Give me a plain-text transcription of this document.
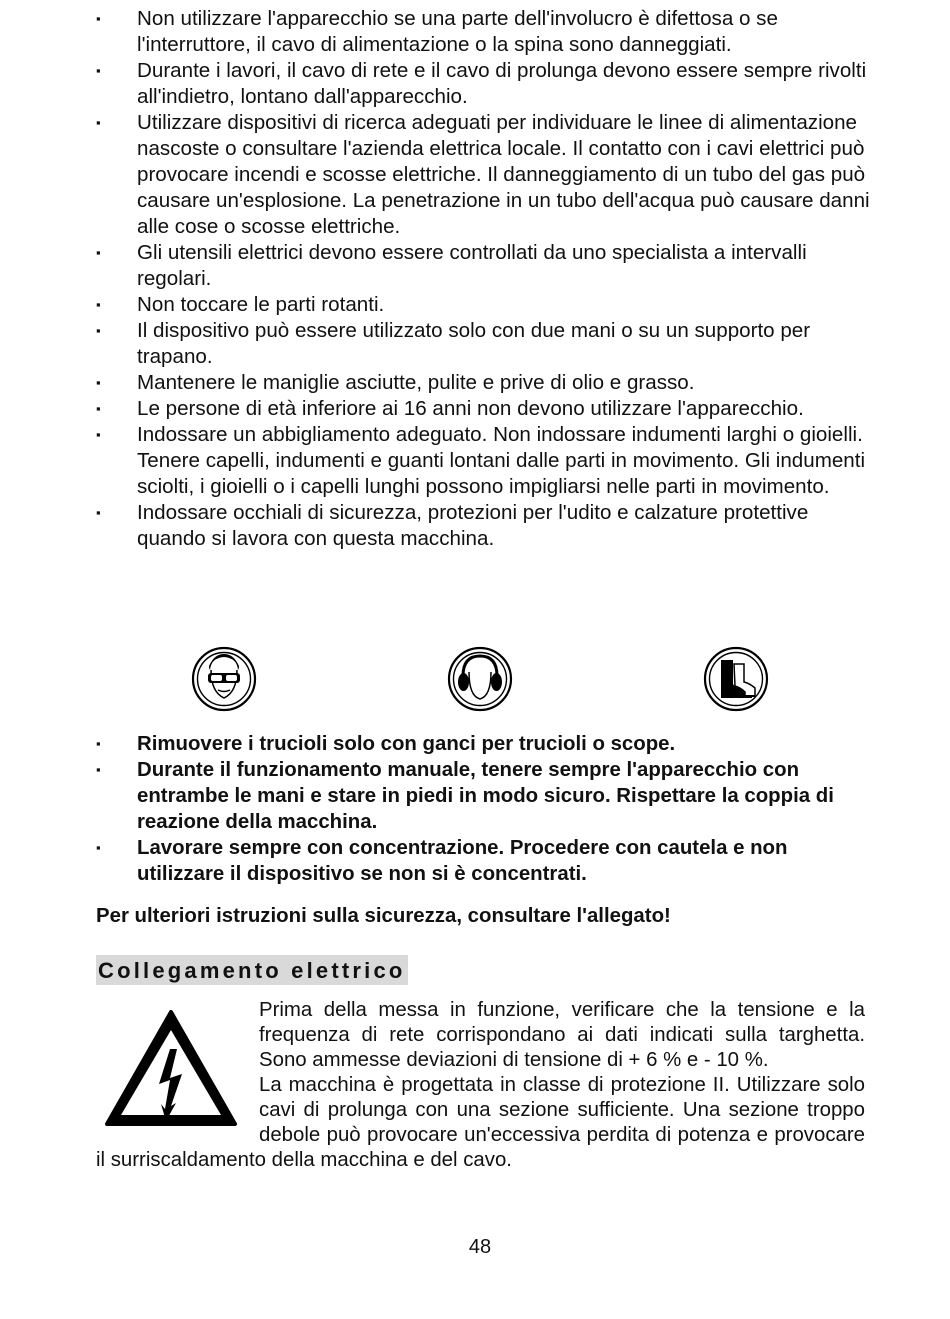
▪ Non utilizzare l'apparecchio se una parte dell'involucro è difettosa o se l'interruttore, il cavo di alimentazione o la spina sono danneggiati.
▪ Durante i lavori, il cavo di rete e il cavo di prolunga devono essere sempre rivolti all'indietro, lontano dall'apparecchio.
▪ Utilizzare dispositivi di ricerca adeguati per individuare le linee di alimentazione nascoste o consultare l'azienda elettrica locale. Il contatto con i cavi elettrici può provocare incendi e scosse elettriche. Il danneggiamento di un tubo del gas può causare un'esplosione. La penetrazione in un tubo dell'acqua può causare danni alle cose o scosse elettriche.
▪ Gli utensili elettrici devono essere controllati da uno specialista a intervalli regolari.
▪ Non toccare le parti rotanti.
▪ Il dispositivo può essere utilizzato solo con due mani o su un supporto per trapano.
▪ Mantenere le maniglie asciutte, pulite e prive di olio e grasso.
▪ Le persone di età inferiore ai 16 anni non devono utilizzare l'apparecchio.
▪ Indossare un abbigliamento adeguato. Non indossare indumenti larghi o gioielli. Tenere capelli, indumenti e guanti lontani dalle parti in movimento. Gli indumenti sciolti, i gioielli o i capelli lunghi possono impigliarsi nelle parti in movimento.
▪ Indossare occhiali di sicurezza, protezioni per l'udito e calzature protettive quando si lavora con questa macchina.
▪ Rimuovere i trucioli solo con ganci per trucioli o scope.
▪ Durante il funzionamento manuale, tenere sempre l'apparecchio con entrambe le mani e stare in piedi in modo sicuro. Rispettare la coppia di reazione della macchina.
▪ Lavorare sempre con concentrazione. Procedere con cautela e non utilizzare il dispositivo se non si è concentrati.
Per ulteriori istruzioni sulla sicurezza, consultare l'allegato!
Collegamento elettrico
Prima della messa in funzione, verificare che la tensione e la frequenza di rete corrispondano ai dati indicati sulla targhetta. Sono ammesse deviazioni di tensione di + 6 % e - 10 %.
La macchina è progettata in classe di protezione II. Utilizzare solo cavi di prolunga con una sezione sufficiente. Una sezione troppo debole può provocare un'eccessiva perdita di potenza e provocare il surriscaldamento della macchina e del cavo.
48
